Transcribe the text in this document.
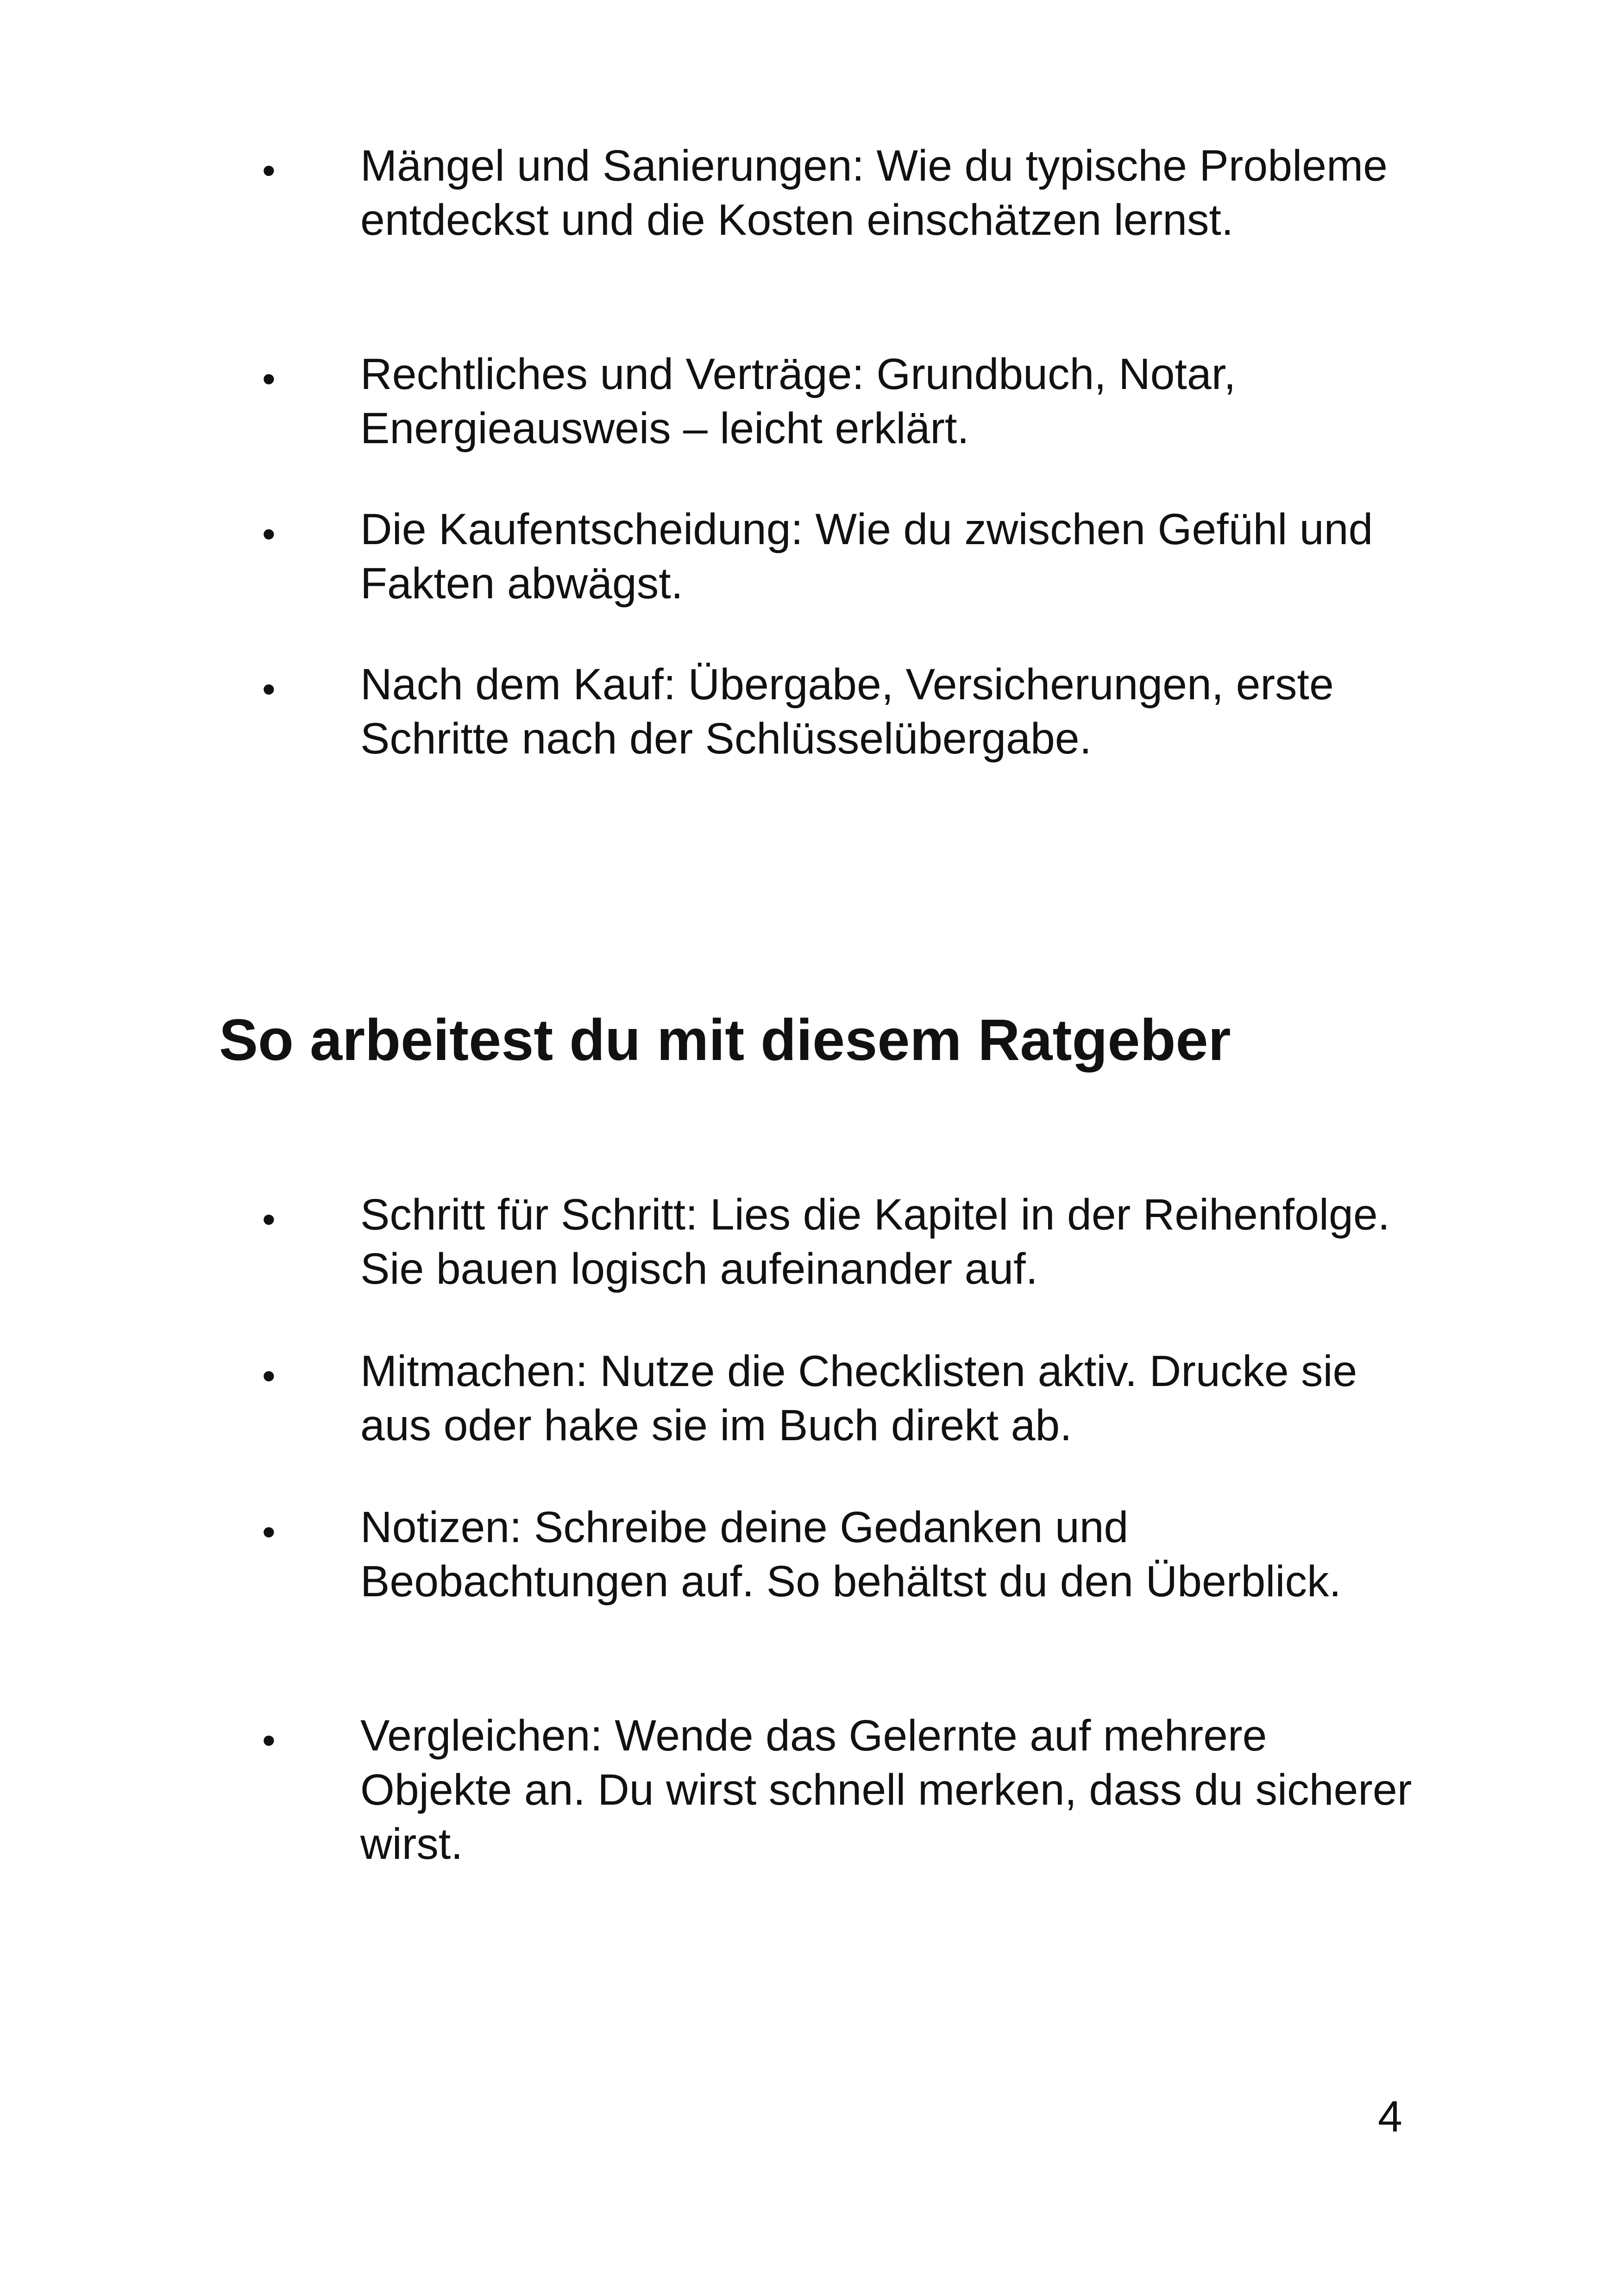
• Mängel und Sanierungen: Wie du typische Probleme entdeckst und die Kosten einschätzen lernst.

• Rechtliches und Verträge: Grundbuch, Notar, Energieausweis – leicht erklärt.

• Die Kaufentscheidung: Wie du zwischen Gefühl und Fakten abwägst.

• Nach dem Kauf: Übergabe, Versicherungen, erste Schritte nach der Schlüsselübergabe.

So arbeitest du mit diesem Ratgeber
• Schritt für Schritt: Lies die Kapitel in der Reihenfolge. Sie bauen logisch aufeinander auf.

• Mitmachen: Nutze die Checklisten aktiv. Drucke sie aus oder hake sie im Buch direkt ab.

• Notizen: Schreibe deine Gedanken und Beobachtungen auf. So behältst du den Überblick.

• Vergleichen: Wende das Gelernte auf mehrere Objekte an. Du wirst schnell merken, dass du sicherer wirst.

4
